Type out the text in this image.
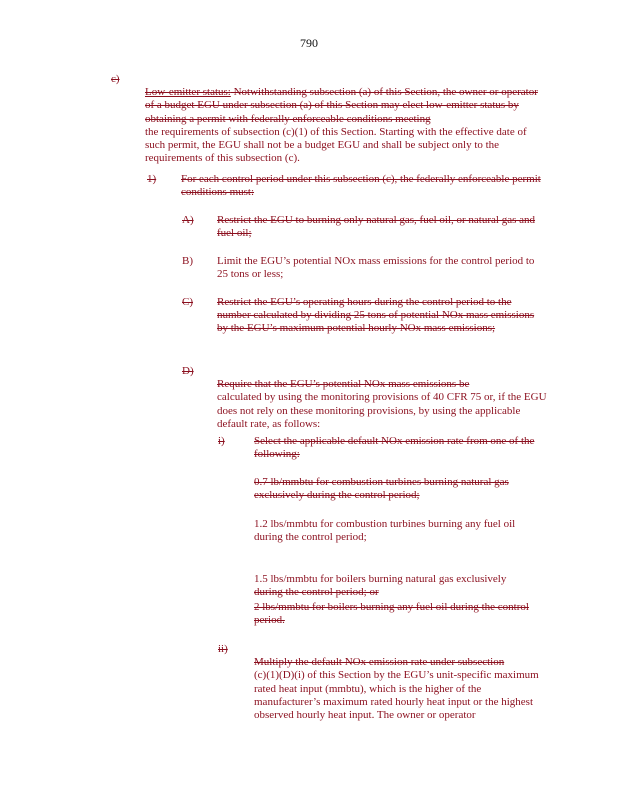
790
c)

Low-emitter status: Notwithstanding subsection (a) of this Section, the owner or operator of a budget EGU under subsection (a) of this Section may elect low-emitter status by obtaining a permit with federally enforceable conditions meeting
the requirements of subsection (c)(1) of this Section. Starting with the effective date of such permit, the EGU shall not be a budget EGU and shall be subject only to the requirements of this subsection (c).

1) For each control period under this subsection (c), the federally enforceable permit conditions must:
A) Restrict the EGU to burning only natural gas, fuel oil, or natural gas and fuel oil;
B) Limit the EGU’s potential NOx mass emissions for the control period to 25 tons or less;
C) Restrict the EGU’s operating hours during the control period to the number calculated by dividing 25 tons of potential NOx mass emissions by the EGU’s maximum potential hourly NOx mass emissions;
D)

Require that the EGU’s potential NOx mass emissions be
calculated by using the monitoring provisions of 40 CFR 75 or, if the EGU does not rely on these monitoring provisions, by using the applicable default rate, as follows:

i)	Select the applicable default NOx emission rate from one of the following:
0.7 lb/mmbtu for combustion turbines burning natural gas exclusively during the control period;
1.2 lbs/mmbtu for combustion turbines burning any fuel oil during the control period;

1.5 lbs/mmbtu for boilers burning natural gas exclusively
during the control period; or

2 lbs/mmbtu for boilers burning any fuel oil during the control period.
ii)

Multiply the default NOx emission rate under subsection
(c)(1)(D)(i) of this Section by the EGU’s unit-specific maximum rated heat input (mmbtu), which is the higher of the manufacturer’s maximum rated hourly heat input or the highest observed hourly heat input. The owner or operator
